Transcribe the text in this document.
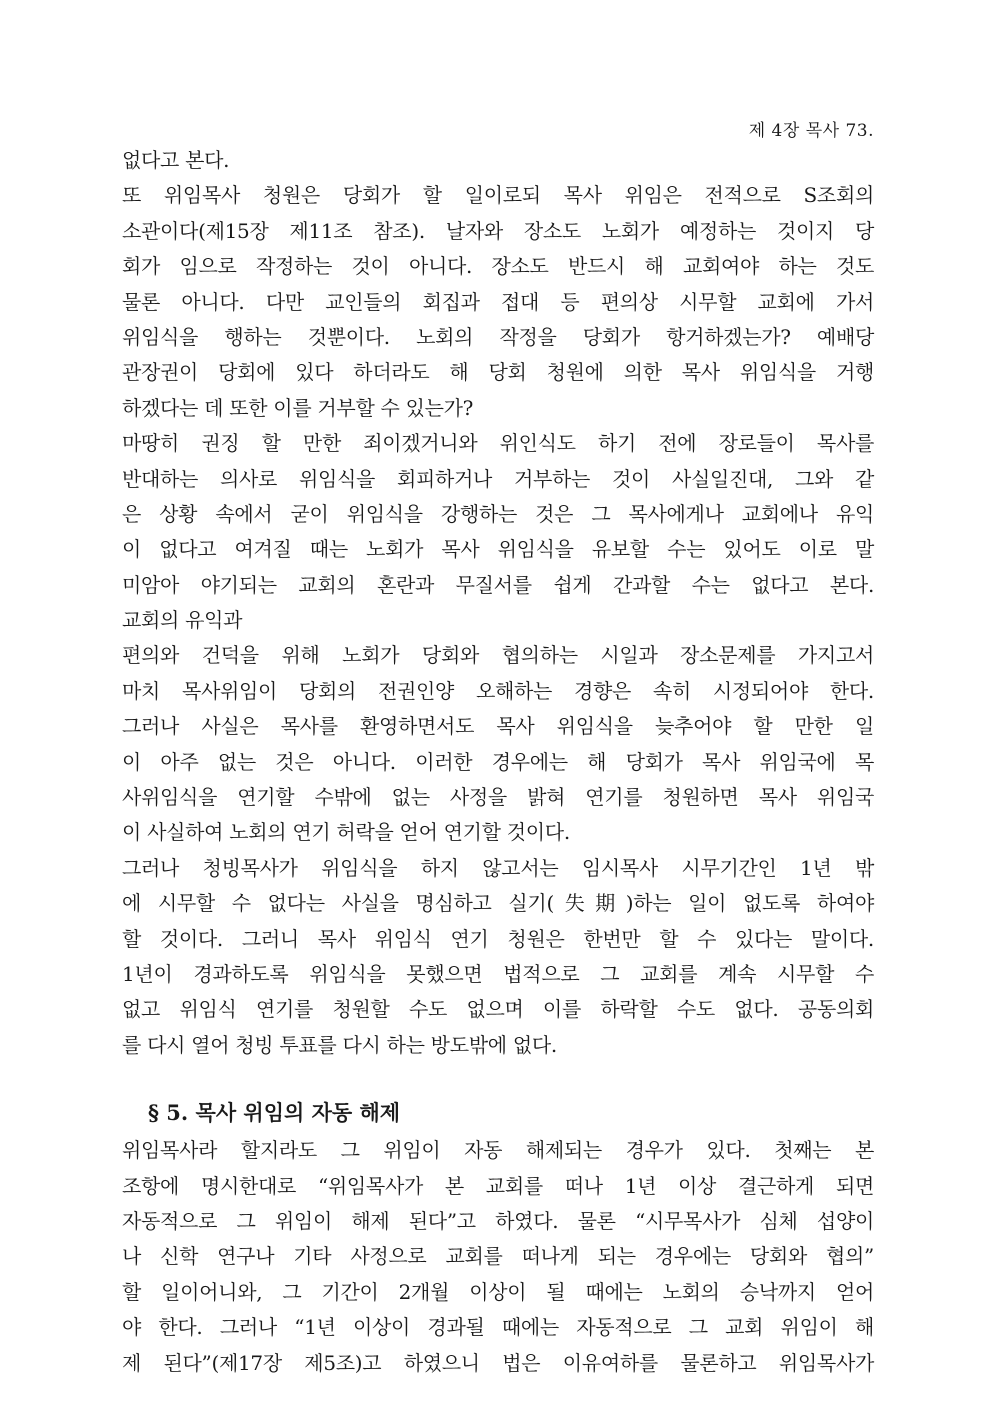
제 4장 목사 73.
없다고 본다.
또 위임목사 청원은 당회가 할 일이로되 목사 위임은 전적으로 S조회의
소관이다(제15장 제11조 참조). 날자와 장소도 노회가 예정하는 것이지 당
회가 임으로 작정하는 것이 아니다. 장소도 반드시 해 교회여야 하는 것도
물론 아니다. 다만 교인들의 회집과 접대 등 편의상 시무할 교회에 가서
위임식을 행하는 것뿐이다. 노회의 작정을 당회가 항거하겠는가? 예배당
관장권이 당회에 있다 하더라도 해 당회 청원에 의한 목사 위임식을 거행
하겠다는 데 또한 이를 거부할 수 있는가?
마땅히 권징 할 만한 죄이겠거니와 위인식도 하기 전에 장로들이 목사를
반대하는 의사로 위임식을 회피하거나 거부하는 것이 사실일진대, 그와 같
은 상황 속에서 굳이 위임식을 강행하는 것은 그 목사에게나 교회에나 유익
이 없다고 여겨질 때는 노회가 목사 위임식을 유보할 수는 있어도 이로 말
미암아 야기되는 교회의 혼란과 무질서를 쉽게 간과할 수는 없다고 본다.
교회의 유익과
편의와 건덕을 위해 노회가 당회와 협의하는 시일과 장소문제를 가지고서
마치 목사위임이 당회의 전권인양 오해하는 경향은 속히 시정되어야 한다.
그러나 사실은 목사를 환영하면서도 목사 위임식을 늦추어야 할 만한 일
이 아주 없는 것은 아니다. 이러한 경우에는 해 당회가 목사 위임국에 목
사위임식을 연기할 수밖에 없는 사정을 밝혀 연기를 청원하면 목사 위임국
이 사실하여 노회의 연기 허락을 얻어 연기할 것이다.
그러나 청빙목사가 위임식을 하지 않고서는 임시목사 시무기간인 1년 밖
에 시무할 수 없다는 사실을 명심하고 실기(失期)하는 일이 없도록 하여야
할 것이다. 그러니 목사 위임식 연기 청원은 한번만 할 수 있다는 말이다.
1년이 경과하도록 위임식을 못했으면 법적으로 그 교회를 계속 시무할 수
없고 위임식 연기를 청원할 수도 없으며 이를 하락할 수도 없다. 공동의회
를 다시 열어 청빙 투표를 다시 하는 방도밖에 없다.
§ 5. 목사 위임의 자동 해제
위임목사라 할지라도 그 위임이 자동 해제되는 경우가 있다. 첫째는 본
조항에 명시한대로 “위임목사가 본 교회를 떠나 1년 이상 결근하게 되면
자동적으로 그 위임이 해제 된다”고 하였다. 물론 “시무목사가 심체 섭양이
나 신학 연구나 기타 사정으로 교회를 떠나게 되는 경우에는 당회와 협의”
할 일이어니와, 그 기간이 2개월 이상이 될 때에는 노회의 승낙까지 얻어
야 한다. 그러나 “1년 이상이 경과될 때에는 자동적으로 그 교회 위임이 해
제 된다”(제17장 제5조)고 하였으니 법은 이유여하를 물론하고 위임목사가
